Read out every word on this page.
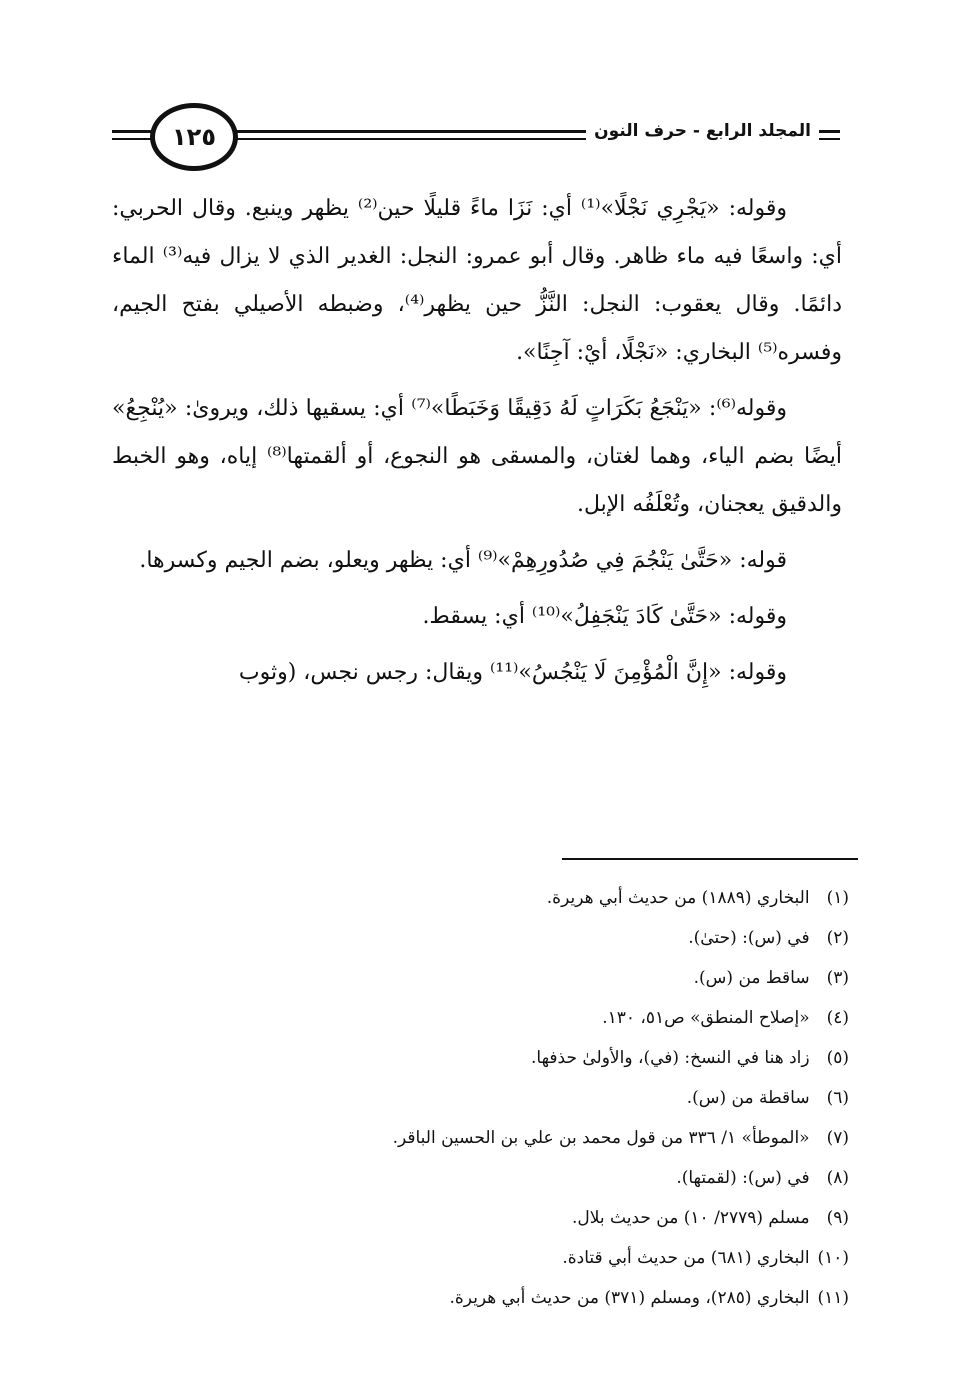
المجلد الرابع - حرف النون
١٢٥

وقوله: «يَجْرِي نَجْلًا»⁽¹⁾ أي: نَزَا ماءً قليلًا حين⁽²⁾ يظهر وينبع. وقال الحربي: أي: واسعًا فيه ماء ظاهر. وقال أبو عمرو: النجل: الغدير الذي لا يزال فيه⁽³⁾ الماء دائمًا. وقال يعقوب: النجل: النَّزُّ حين يظهر⁽⁴⁾، وضبطه الأصيلي بفتح الجيم، وفسره⁽⁵⁾ البخاري: «نَجْلًا، أيْ: آجِنًا».

وقوله⁽⁶⁾: «يَنْجَعُ بَكَرَاتٍ لَهُ دَقِيقًا وَخَبَطًا»⁽⁷⁾ أي: يسقيها ذلك، ويروىٰ: «يُنْجِعُ» أيضًا بضم الياء، وهما لغتان، والمسقى هو النجوع، أو ألقمتها⁽⁸⁾ إياه، وهو الخبط والدقيق يعجنان، وتُعْلَفُه الإبل.

قوله: «حَتَّىٰ يَنْجُمَ فِي صُدُورِهِمْ»⁽⁹⁾ أي: يظهر ويعلو، بضم الجيم وكسرها.

وقوله: «حَتَّىٰ كَادَ يَنْجَفِلُ»⁽¹⁰⁾ أي: يسقط.

وقوله: «إِنَّ الْمُؤْمِنَ لَا يَنْجُسُ»⁽¹¹⁾ ويقال: رجس نجس، (وثوب

(١) البخاري (١٨٨٩) من حديث أبي هريرة.
(٢) في (س): (حتىٰ).
(٣) ساقط من (س).
(٤) «إصلاح المنطق» ص٥١، ١٣٠.
(٥) زاد هنا في النسخ: (في)، والأولىٰ حذفها.
(٦) ساقطة من (س).
(٧) «الموطأ» ١/ ٣٣٦ من قول محمد بن علي بن الحسين الباقر.
(٨) في (س): (لقمتها).
(٩) مسلم (٢٧٧٩/ ١٠) من حديث بلال.
(١٠) البخاري (٦٨١) من حديث أبي قتادة.
(١١) البخاري (٢٨٥)، ومسلم (٣٧١) من حديث أبي هريرة.
